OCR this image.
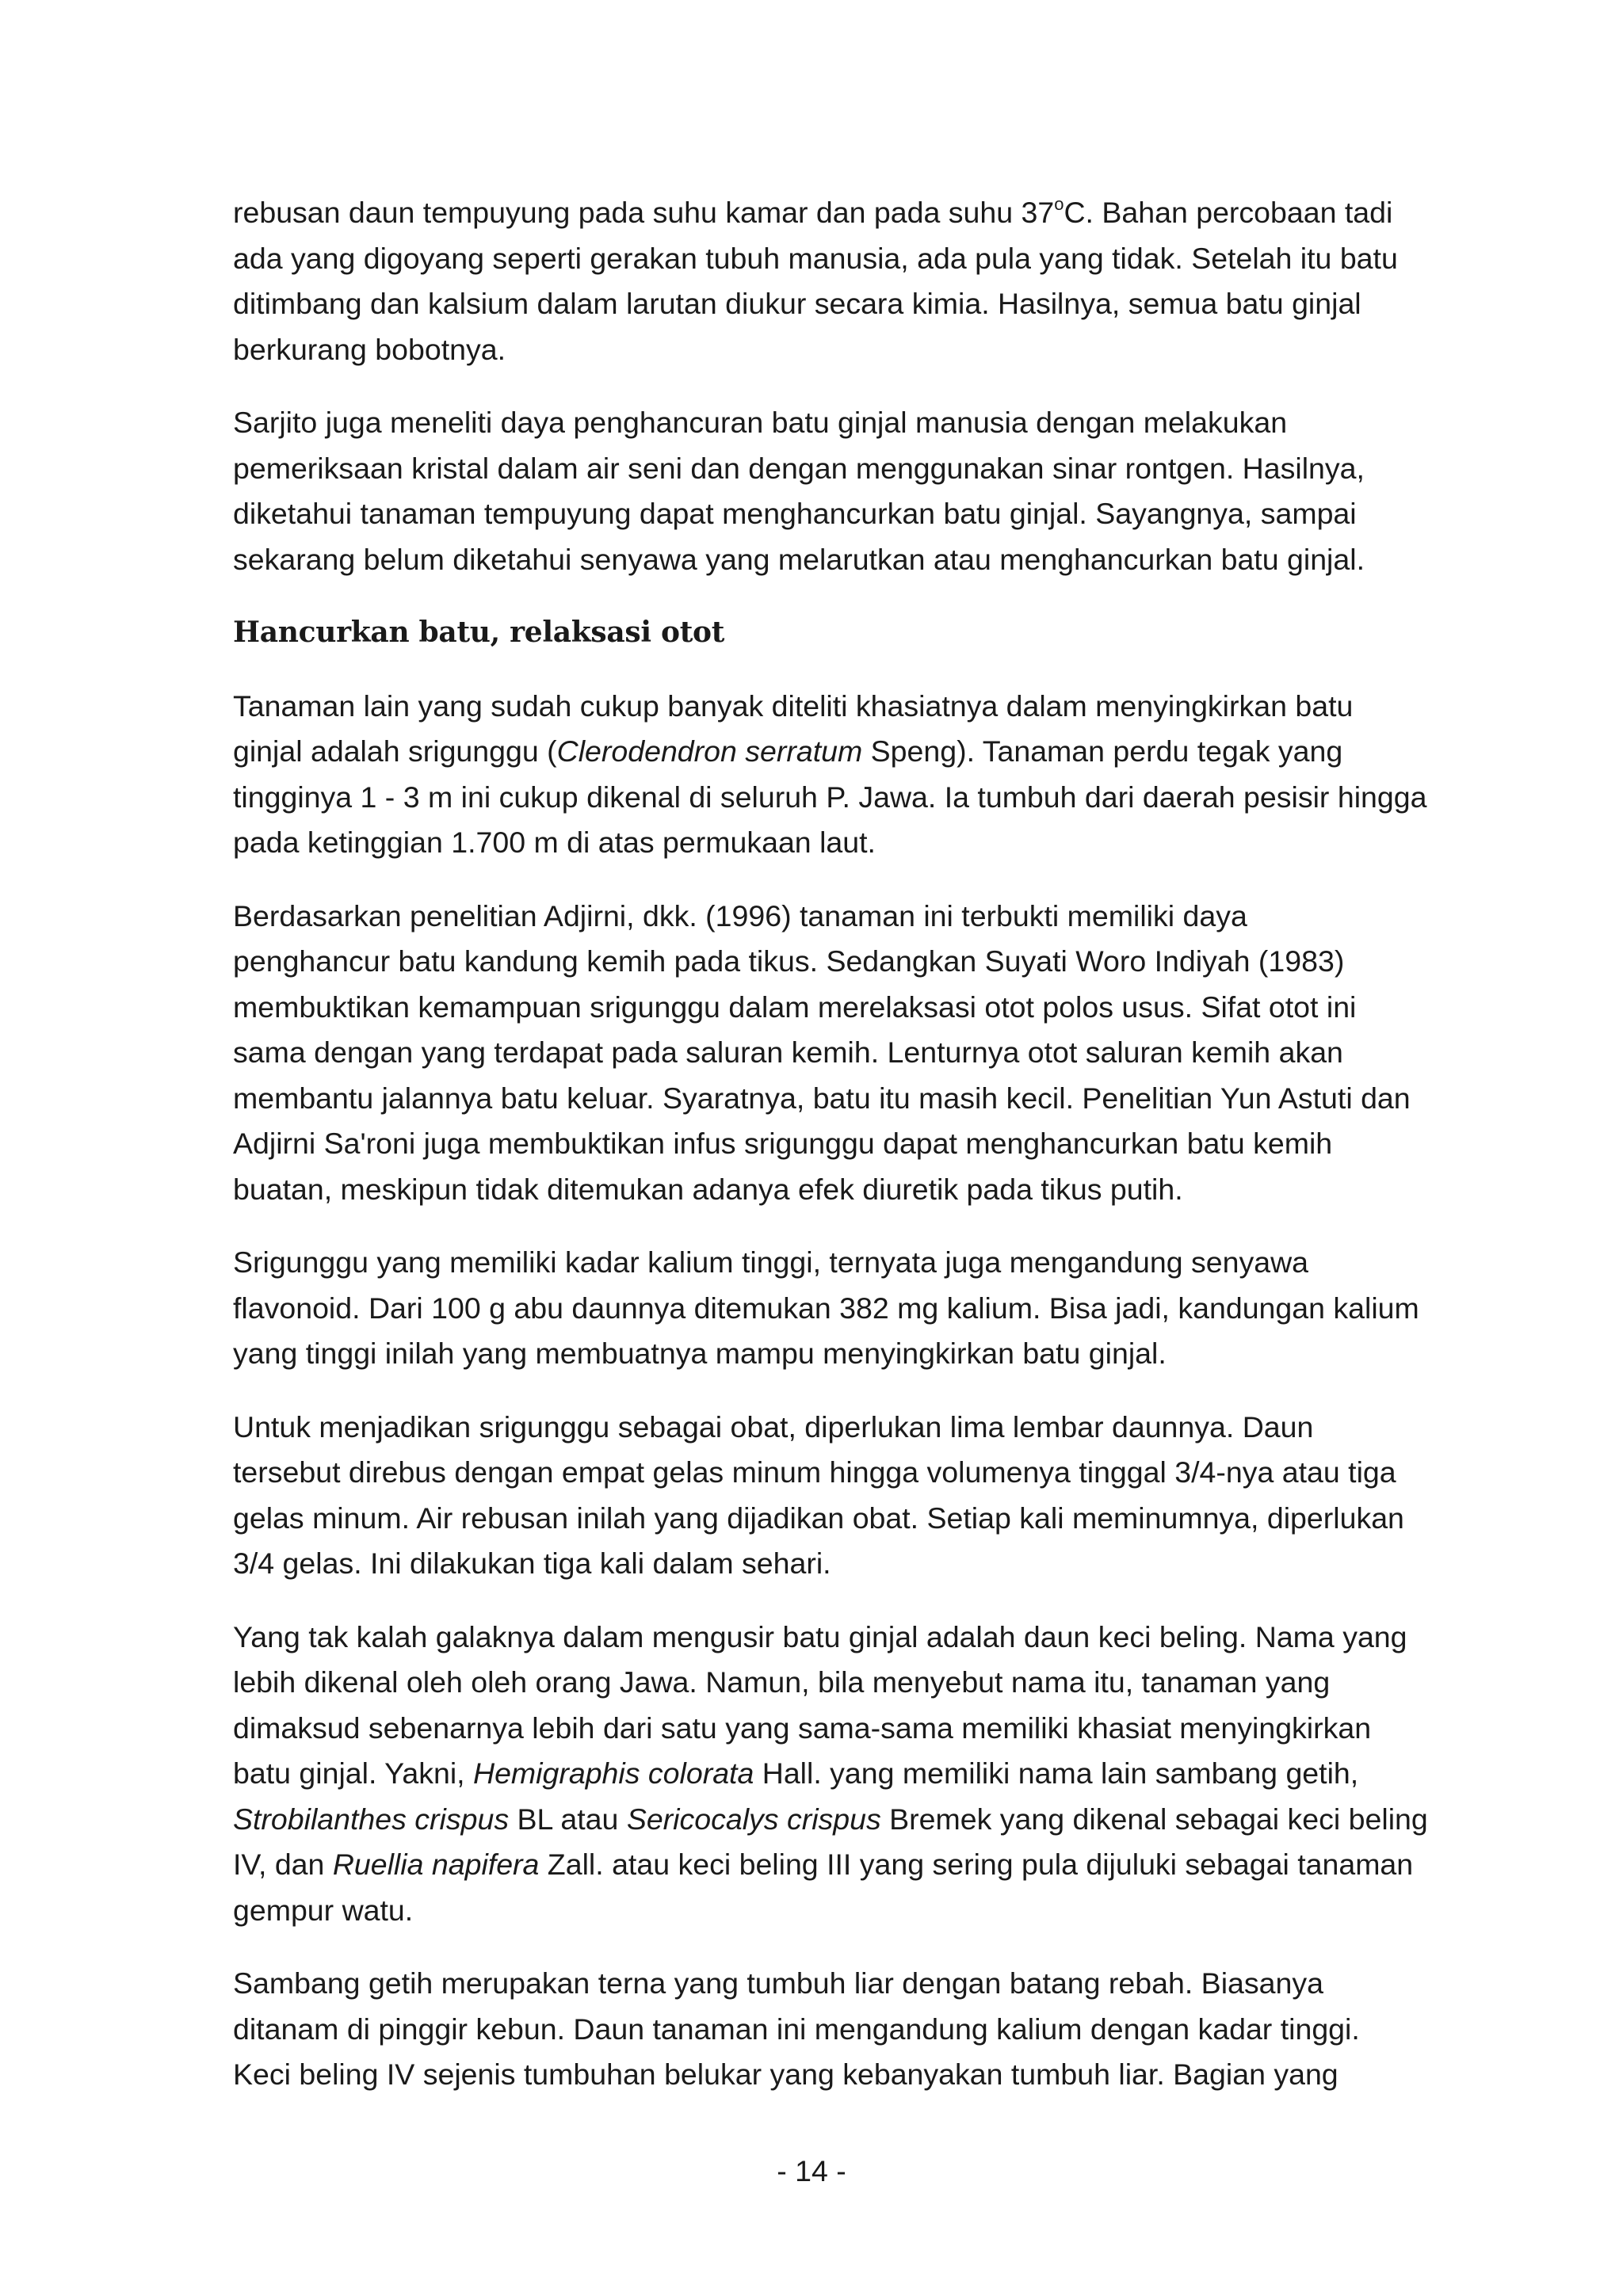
rebusan daun tempuyung pada suhu kamar dan pada suhu 37$^o$C. Bahan percobaan tadi
ada yang digoyang seperti gerakan tubuh manusia, ada pula yang tidak. Setelah itu batu
ditimbang dan kalsium dalam larutan diukur secara kimia. Hasilnya, semua batu ginjal
berkurang bobotnya.

Sarjito juga meneliti daya penghancuran batu ginjal manusia dengan melakukan
pemeriksaan kristal dalam air seni dan dengan menggunakan sinar rontgen. Hasilnya,
diketahui tanaman tempuyung dapat menghancurkan batu ginjal. Sayangnya, sampai
sekarang belum diketahui senyawa yang melarutkan atau menghancurkan batu ginjal.

Hancurkan batu, relaksasi otot

Tanaman lain yang sudah cukup banyak diteliti khasiatnya dalam menyingkirkan batu
ginjal adalah srigunggu (Clerodendron serratum Speng). Tanaman perdu tegak yang
tingginya 1 - 3 m ini cukup dikenal di seluruh P. Jawa. Ia tumbuh dari daerah pesisir hingga
pada ketinggian 1.700 m di atas permukaan laut.

Berdasarkan penelitian Adjirni, dkk. (1996) tanaman ini terbukti memiliki daya
penghancur batu kandung kemih pada tikus. Sedangkan Suyati Woro Indiyah (1983)
membuktikan kemampuan srigunggu dalam merelaksasi otot polos usus. Sifat otot ini
sama dengan yang terdapat pada saluran kemih. Lenturnya otot saluran kemih akan
membantu jalannya batu keluar. Syaratnya, batu itu masih kecil. Penelitian Yun Astuti dan
Adjirni Sa'roni juga membuktikan infus srigunggu dapat menghancurkan batu kemih
buatan, meskipun tidak ditemukan adanya efek diuretik pada tikus putih.

Srigunggu yang memiliki kadar kalium tinggi, ternyata juga mengandung senyawa
flavonoid. Dari 100 g abu daunnya ditemukan 382 mg kalium. Bisa jadi, kandungan kalium
yang tinggi inilah yang membuatnya mampu menyingkirkan batu ginjal.

Untuk menjadikan srigunggu sebagai obat, diperlukan lima lembar daunnya. Daun
tersebut direbus dengan empat gelas minum hingga volumenya tinggal 3/4-nya atau tiga
gelas minum. Air rebusan inilah yang dijadikan obat. Setiap kali meminumnya, diperlukan
3/4 gelas. Ini dilakukan tiga kali dalam sehari.

Yang tak kalah galaknya dalam mengusir batu ginjal adalah daun keci beling. Nama yang
lebih dikenal oleh oleh orang Jawa. Namun, bila menyebut nama itu, tanaman yang
dimaksud sebenarnya lebih dari satu yang sama-sama memiliki khasiat menyingkirkan
batu ginjal. Yakni, Hemigraphis colorata Hall. yang memiliki nama lain sambang getih,
Strobilanthes crispus BL atau Sericocalys crispus Bremek yang dikenal sebagai keci beling
IV, dan Ruellia napifera Zall. atau keci beling III yang sering pula dijuluki sebagai tanaman
gempur watu.

Sambang getih merupakan terna yang tumbuh liar dengan batang rebah. Biasanya
ditanam di pinggir kebun. Daun tanaman ini mengandung kalium dengan kadar tinggi.
Keci beling IV sejenis tumbuhan belukar yang kebanyakan tumbuh liar. Bagian yang

- 14 -
